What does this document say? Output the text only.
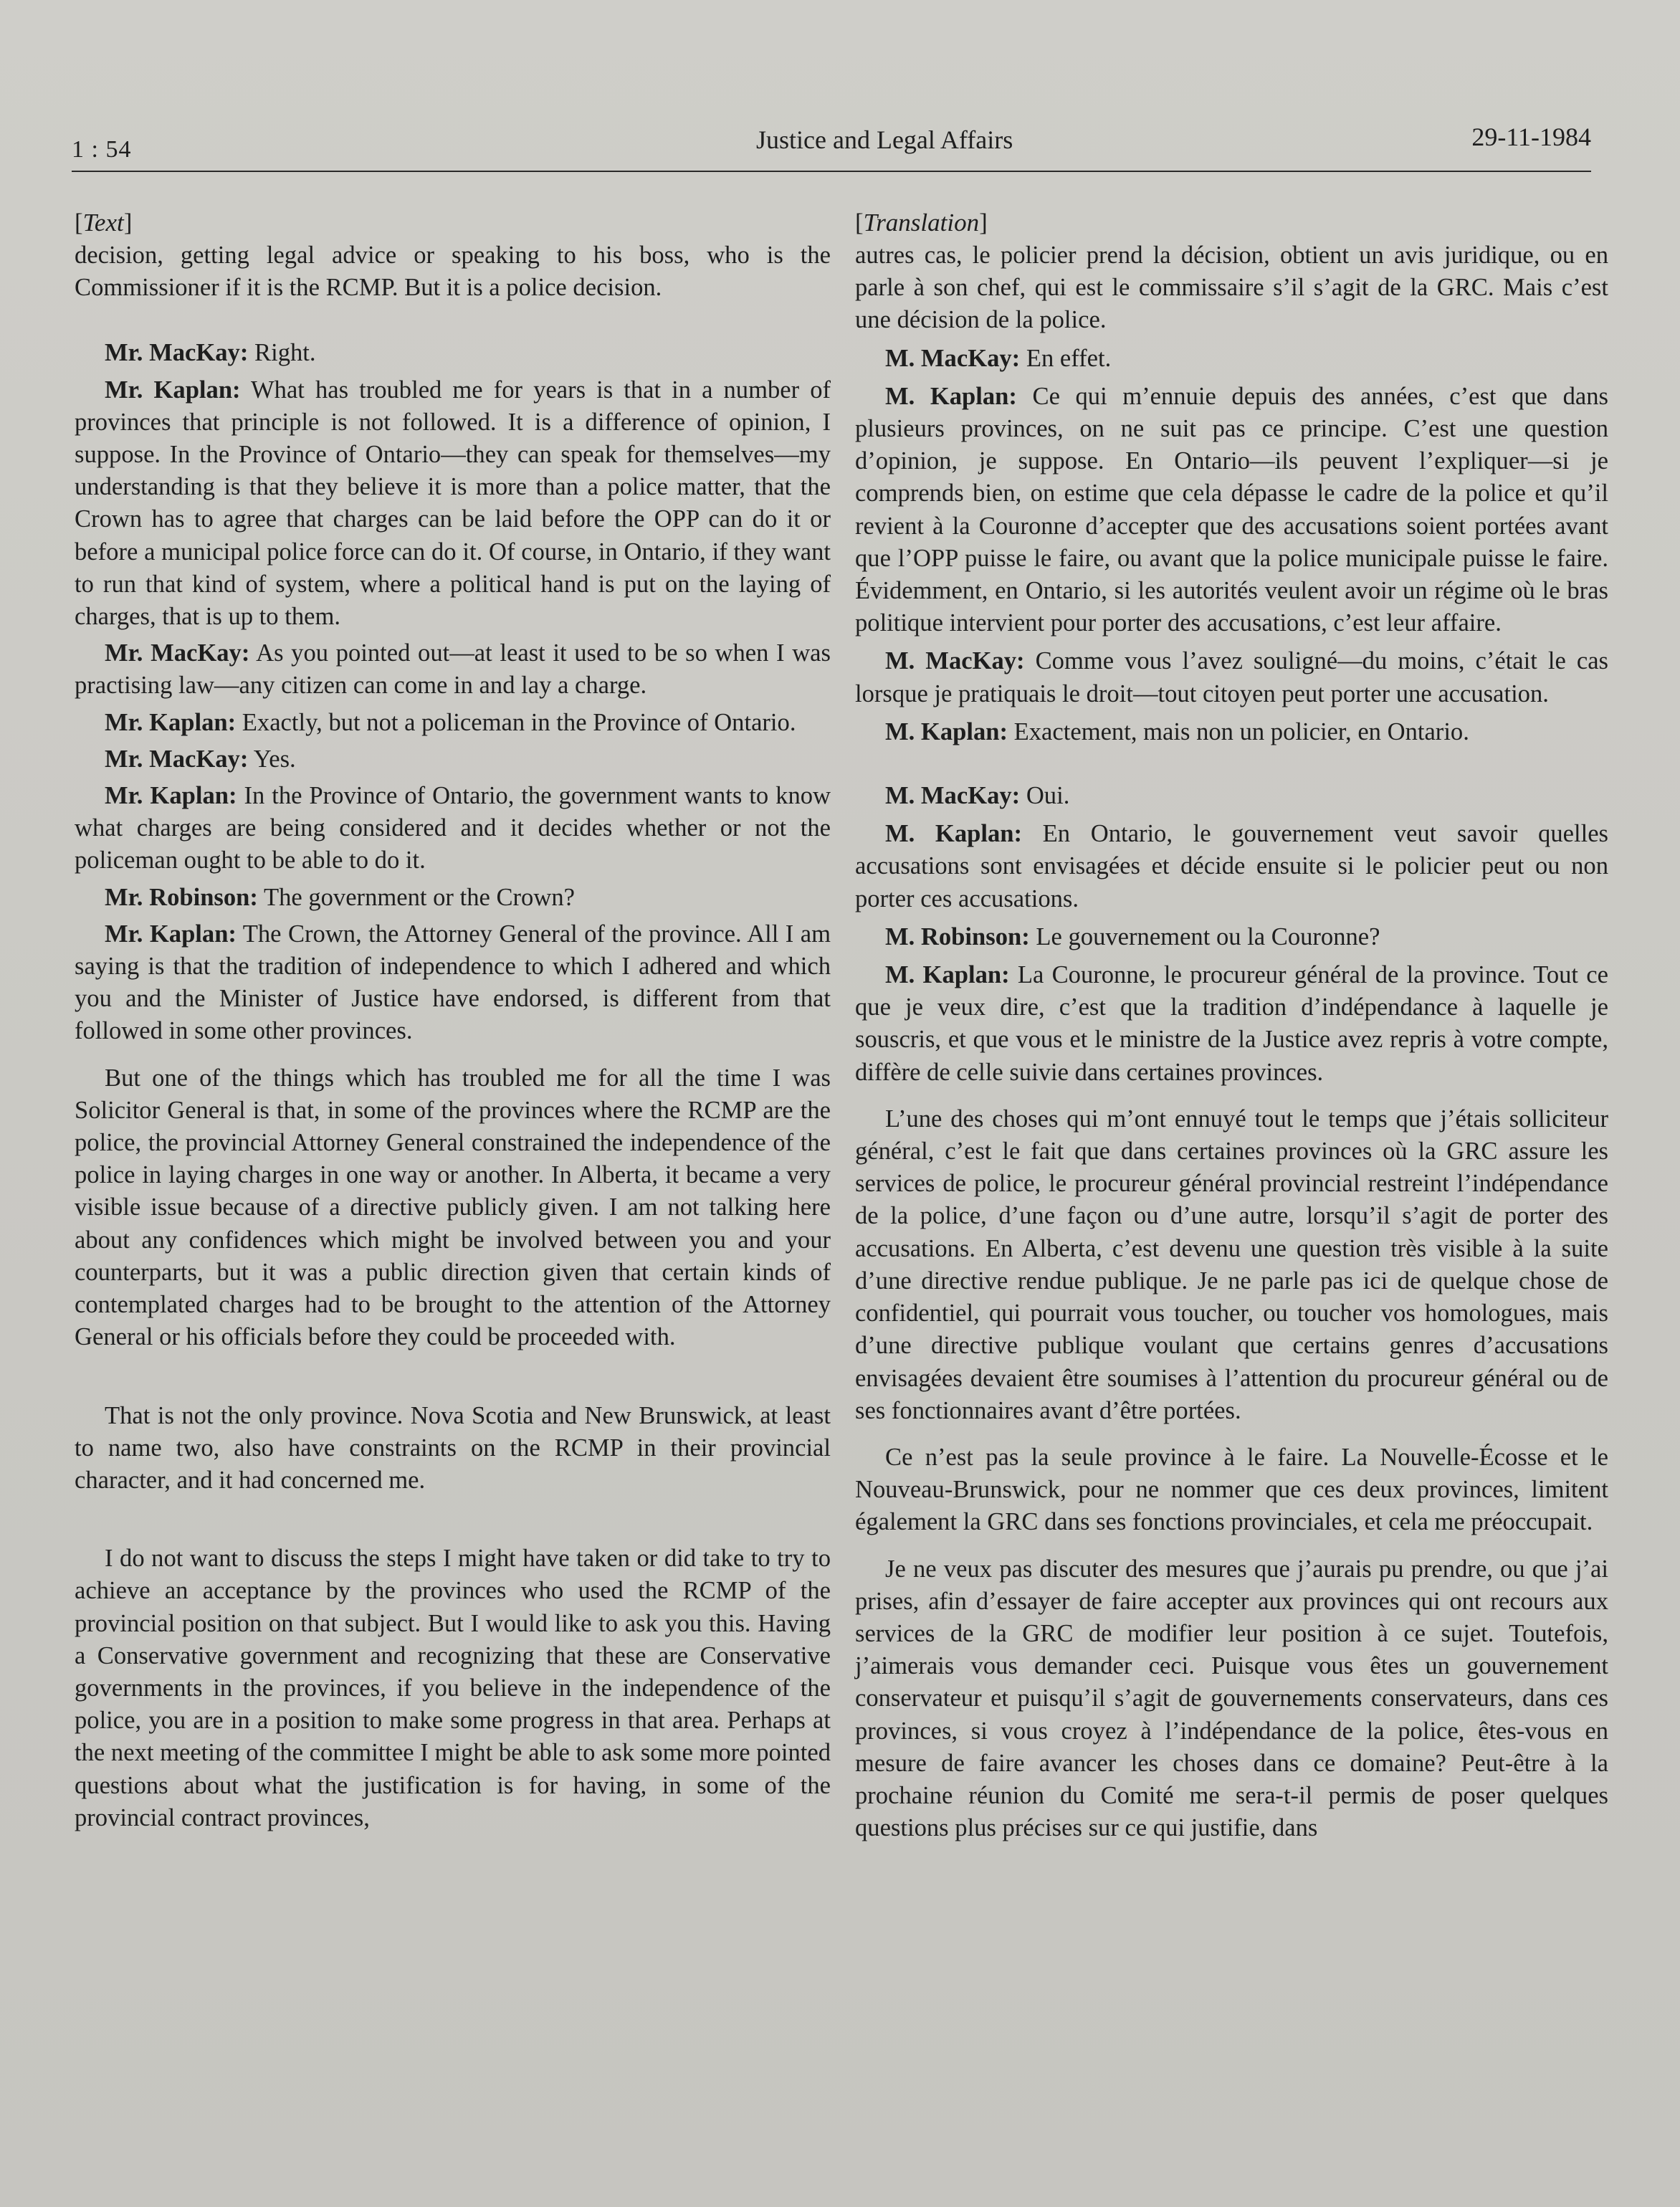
1 : 54	Justice and Legal Affairs	29-11-1984
[Text]

decision, getting legal advice or speaking to his boss, who is the Commissioner if it is the RCMP. But it is a police decision.

Mr. MacKay: Right.

Mr. Kaplan: What has troubled me for years is that in a number of provinces that principle is not followed. It is a difference of opinion, I suppose. In the Province of Ontario—they can speak for themselves—my understanding is that they believe it is more than a police matter, that the Crown has to agree that charges can be laid before the OPP can do it or before a municipal police force can do it. Of course, in Ontario, if they want to run that kind of system, where a political hand is put on the laying of charges, that is up to them.

Mr. MacKay: As you pointed out—at least it used to be so when I was practising law—any citizen can come in and lay a charge.

Mr. Kaplan: Exactly, but not a policeman in the Province of Ontario.

Mr. MacKay: Yes.

Mr. Kaplan: In the Province of Ontario, the government wants to know what charges are being considered and it decides whether or not the policeman ought to be able to do it.

Mr. Robinson: The government or the Crown?

Mr. Kaplan: The Crown, the Attorney General of the province. All I am saying is that the tradition of independence to which I adhered and which you and the Minister of Justice have endorsed, is different from that followed in some other provinces.

But one of the things which has troubled me for all the time I was Solicitor General is that, in some of the provinces where the RCMP are the police, the provincial Attorney General constrained the independence of the police in laying charges in one way or another. In Alberta, it became a very visible issue because of a directive publicly given. I am not talking here about any confidences which might be involved between you and your counterparts, but it was a public direction given that certain kinds of contemplated charges had to be brought to the attention of the Attorney General or his officials before they could be proceeded with.

That is not the only province. Nova Scotia and New Brunswick, at least to name two, also have constraints on the RCMP in their provincial character, and it had concerned me.

I do not want to discuss the steps I might have taken or did take to try to achieve an acceptance by the provinces who used the RCMP of the provincial position on that subject. But I would like to ask you this. Having a Conservative government and recognizing that these are Conservative governments in the provinces, if you believe in the independence of the police, you are in a position to make some progress in that area. Perhaps at the next meeting of the committee I might be able to ask some more pointed questions about what the justification is for having, in some of the provincial contract provinces,

[Translation]

autres cas, le policier prend la décision, obtient un avis juridique, ou en parle à son chef, qui est le commissaire s’il s’agit de la GRC. Mais c’est une décision de la police.

M. MacKay: En effet.

M. Kaplan: Ce qui m’ennuie depuis des années, c’est que dans plusieurs provinces, on ne suit pas ce principe. C’est une question d’opinion, je suppose. En Ontario—ils peuvent l’expliquer—si je comprends bien, on estime que cela dépasse le cadre de la police et qu’il revient à la Couronne d’accepter que des accusations soient portées avant que l’OPP puisse le faire, ou avant que la police municipale puisse le faire. Évidemment, en Ontario, si les autorités veulent avoir un régime où le bras politique intervient pour porter des accusations, c’est leur affaire.

M. MacKay: Comme vous l’avez souligné—du moins, c’était le cas lorsque je pratiquais le droit—tout citoyen peut porter une accusation.

M. Kaplan: Exactement, mais non un policier, en Ontario.

M. MacKay: Oui.

M. Kaplan: En Ontario, le gouvernement veut savoir quelles accusations sont envisagées et décide ensuite si le policier peut ou non porter ces accusations.

M. Robinson: Le gouvernement ou la Couronne?

M. Kaplan: La Couronne, le procureur général de la province. Tout ce que je veux dire, c’est que la tradition d’indépendance à laquelle je souscris, et que vous et le ministre de la Justice avez repris à votre compte, diffère de celle suivie dans certaines provinces.

L’une des choses qui m’ont ennuyé tout le temps que j’étais solliciteur général, c’est le fait que dans certaines provinces où la GRC assure les services de police, le procureur général provincial restreint l’indépendance de la police, d’une façon ou d’une autre, lorsqu’il s’agit de porter des accusations. En Alberta, c’est devenu une question très visible à la suite d’une directive rendue publique. Je ne parle pas ici de quelque chose de confidentiel, qui pourrait vous toucher, ou toucher vos homologues, mais d’une directive publique voulant que certains genres d’accusations envisagées devaient être soumises à l’attention du procureur général ou de ses fonctionnaires avant d’être portées.

Ce n’est pas la seule province à le faire. La Nouvelle-Écosse et le Nouveau-Brunswick, pour ne nommer que ces deux provinces, limitent également la GRC dans ses fonctions provinciales, et cela me préoccupait.

Je ne veux pas discuter des mesures que j’aurais pu prendre, ou que j’ai prises, afin d’essayer de faire accepter aux provinces qui ont recours aux services de la GRC de modifier leur position à ce sujet. Toutefois, j’aimerais vous demander ceci. Puisque vous êtes un gouvernement conservateur et puisqu’il s’agit de gouvernements conservateurs, dans ces provinces, si vous croyez à l’indépendance de la police, êtes-vous en mesure de faire avancer les choses dans ce domaine? Peut-être à la prochaine réunion du Comité me sera-t-il permis de poser quelques questions plus précises sur ce qui justifie, dans
